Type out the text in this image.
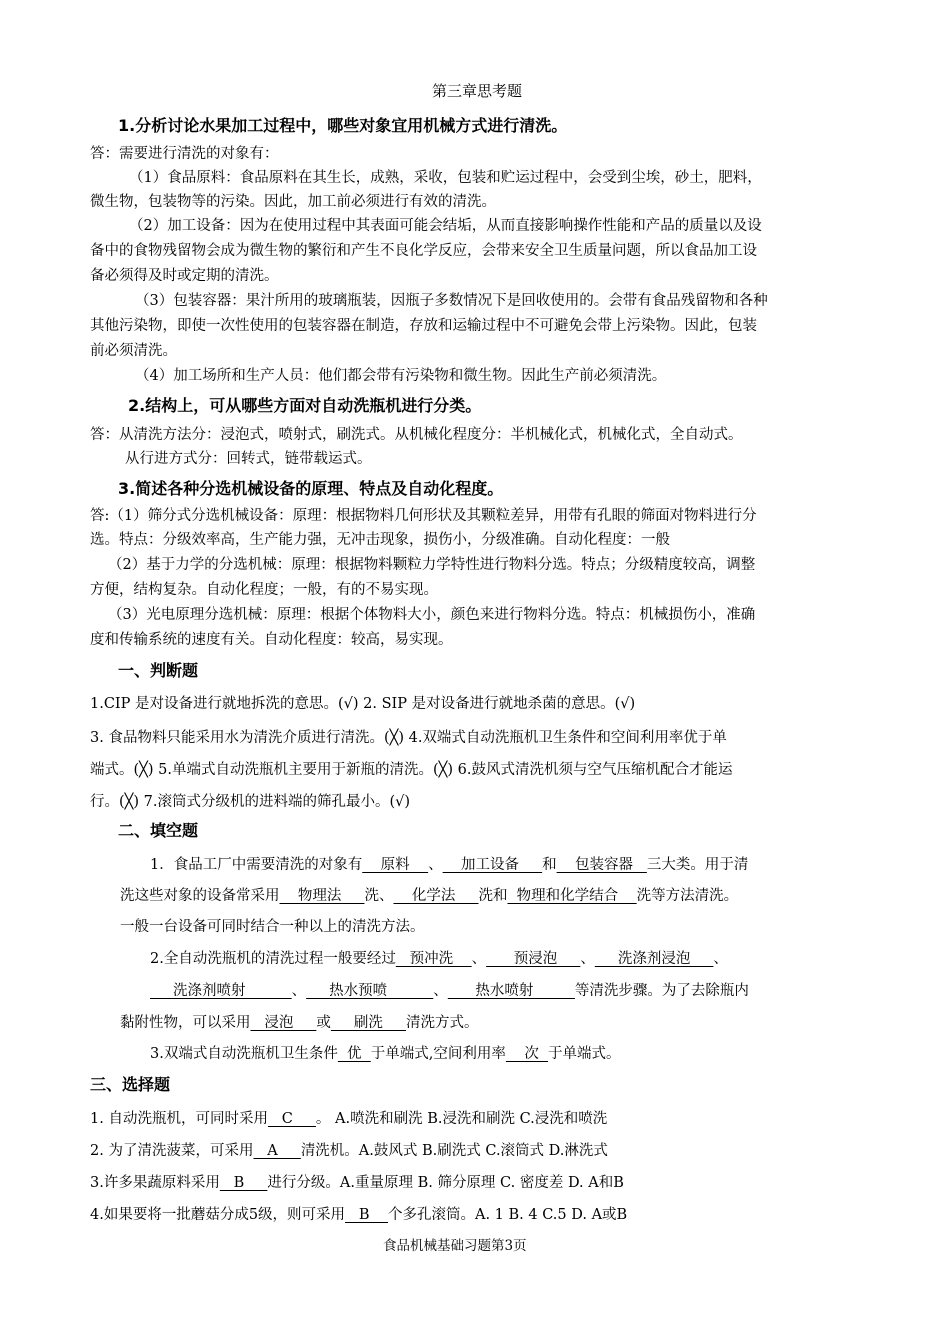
第三章思考题
1.分析讨论水果加工过程中，哪些对象宜用机械方式进行清洗。
答：需要进行清洗的对象有：
（1）食品原料：食品原料在其生长，成熟，采收，包装和贮运过程中，会受到尘埃，砂土，肥料，
微生物，包装物等的污染。因此，加工前必须进行有效的清洗。
（2）加工设备：因为在使用过程中其表面可能会结垢，从而直接影响操作性能和产品的质量以及设
备中的食物残留物会成为微生物的繁衍和产生不良化学反应，会带来安全卫生质量问题，所以食品加工设
备必须得及时或定期的清洗。
（3）包装容器：果汁所用的玻璃瓶装，因瓶子多数情况下是回收使用的。会带有食品残留物和各种
其他污染物，即使一次性使用的包装容器在制造，存放和运输过程中不可避免会带上污染物。因此，包装
前必须清洗。
（4）加工场所和生产人员：他们都会带有污染物和微生物。因此生产前必须清洗。
2.结构上，可从哪些方面对自动洗瓶机进行分类。
答：从清洗方法分：浸泡式，喷射式，刷洗式。从机械化程度分：半机械化式，机械化式，全自动式。
从行进方式分：回转式，链带载运式。
3.简述各种分选机械设备的原理、特点及自动化程度。
答:（1）筛分式分选机械设备：原理：根据物料几何形状及其颗粒差异，用带有孔眼的筛面对物料进行分
选。特点：分级效率高，生产能力强，无冲击现象，损伤小，分级准确。自动化程度：一般
（2）基于力学的分选机械：原理：根据物料颗粒力学特性进行物料分选。特点；分级精度较高，调整
方便，结构复杂。自动化程度；一般，有的不易实现。
（3）光电原理分选机械：原理：根据个体物料大小，颜色来进行物料分选。特点：机械损伤小，准确
度和传输系统的速度有关。自动化程度：较高，易实现。
一、判断题
1.CIP 是对设备进行就地拆洗的意思。(√) 2. SIP 是对设备进行就地杀菌的意思。(√)
3. 食品物料只能采用水为清洗介质进行清洗。(╳) 4.双端式自动洗瓶机卫生条件和空间利用率优于单
端式。(╳) 5.单端式自动洗瓶机主要用于新瓶的清洗。(╳) 6.鼓风式清洗机须与空气压缩机配合才能运
行。(╳) 7.滚筒式分级机的进料端的筛孔最小。(√)
二、填空题
1．食品工厂中需要清洗的对象有    原料    、    加工设备     和    包装容器   三大类。用于清
洗这些对象的设备常采用    物理法     洗、    化学法     洗和  物理和化学结合    洗等方法清洗。
一般一台设备可同时结合一种以上的清洗方法。
2.全自动洗瓶机的清洗过程一般要经过   预冲洗    、      预浸泡     、     洗涤剂浸泡     、
洗涤剂喷射          、     热水预喷          、      热水喷射         等清洗步骤。为了去除瓶内
黏附性物，可以采用   浸泡     或     刷洗     清洗方式。
3.双端式自动洗瓶机卫生条件  优  于单端式,空间利用率    次  于单端式。
三、选择题
1. 自动洗瓶机，可同时采用   C     。 A.喷洗和刷洗 B.浸洗和刷洗 C.浸洗和喷洗
2. 为了清洗菠菜，可采用   A     清洗机。A.鼓风式 B.刷洗式 C.滚筒式 D.淋洗式
3.许多果蔬原料采用   B     进行分级。A.重量原理 B. 筛分原理 C. 密度差 D. A和B
4.如果要将一批蘑菇分成5级，则可采用   B    个多孔滚筒。A. 1 B. 4 C.5 D. A或B
食品机械基础习题第3页
